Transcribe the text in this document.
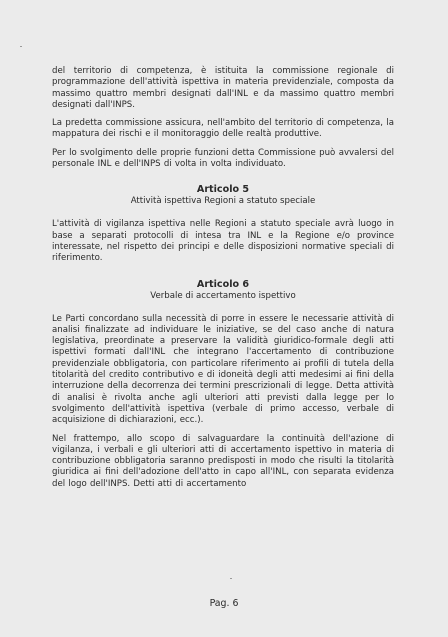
del territorio di competenza, è istituita la commissione regionale di programmazione dell'attività ispettiva in materia previdenziale, composta da massimo quattro membri designati dall'INL e da massimo quattro membri designati dall'INPS.

La predetta commissione assicura, nell'ambito del territorio di competenza, la mappatura dei rischi e il monitoraggio delle realtà produttive.

Per lo svolgimento delle proprie funzioni detta Commissione può avvalersi del personale INL e dell'INPS di volta in volta individuato.

Articolo 5
Attività ispettiva Regioni a statuto speciale

L'attività di vigilanza ispettiva nelle Regioni a statuto speciale avrà luogo in base a separati protocolli di intesa tra INL e la Regione e/o province interessate, nel rispetto dei principi e delle disposizioni normative speciali di riferimento.

Articolo 6
Verbale di accertamento ispettivo

Le Parti concordano sulla necessità di porre in essere le necessarie attività di analisi finalizzate ad individuare le iniziative, se del caso anche di natura legislativa, preordinate a preservare la validità giuridico-formale degli atti ispettivi formati dall'INL che integrano l'accertamento di contribuzione previdenziale obbligatoria, con particolare riferimento ai profili di tutela della titolarità del credito contributivo e di idoneità degli atti medesimi ai fini della interruzione della decorrenza dei termini prescrizionali di legge. Detta attività di analisi è rivolta anche agli ulteriori atti previsti dalla legge per lo svolgimento dell'attività ispettiva (verbale di primo accesso, verbale di acquisizione di dichiarazioni, ecc.).

Nel frattempo, allo scopo di salvaguardare la continuità dell'azione di vigilanza, i verbali e gli ulteriori atti di accertamento ispettivo in materia di contribuzione obbligatoria saranno predisposti in modo che risulti la titolarità giuridica ai fini dell'adozione dell'atto in capo all'INL, con separata evidenza del logo dell'INPS. Detti atti di accertamento

Pag. 6
